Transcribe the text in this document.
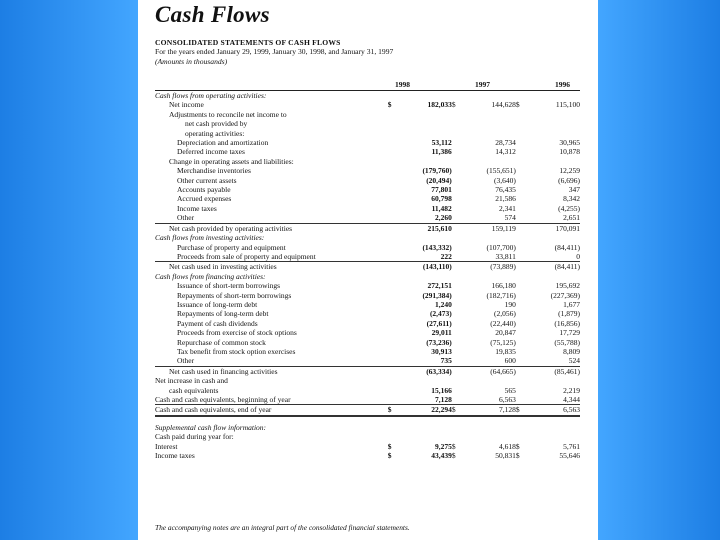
Cash Flows
CONSOLIDATED STATEMENTS OF CASH FLOWS
For the years ended January 29, 1999, January 30, 1998, and January 31, 1997
(Amounts in thousands)
1998	1997	1996
Cash flows from operating activities:			
Net income	$ 182,033	$ 144,628	$ 115,100
Adjustments to reconcile net income to			
net cash provided by			
operating activities:			
Depreciation and amortization	53,112	28,734	30,965
Deferred income taxes	11,386	14,312	10,878
Change in operating assets and liabilities:			
Merchandise inventories	(179,760)	(155,651)	12,259
Other current assets	(20,494)	(3,640)	(6,696)
Accounts payable	77,801	76,435	347
Accrued expenses	60,798	21,586	8,342
Income taxes	11,482	2,341	(4,255)
Other	2,260	574	2,651
Net cash provided by operating activities	215,610	159,119	170,091
Cash flows from investing activities:			
Purchase of property and equipment	(143,332)	(107,700)	(84,411)
Proceeds from sale of property and equipment	222	33,811	0
Net cash used in investing activities	(143,110)	(73,889)	(84,411)
Cash flows from financing activities:			
Issuance of short-term borrowings	272,151	166,180	195,692
Repayments of short-term borrowings	(291,384)	(182,716)	(227,369)
Issuance of long-term debt	1,240	190	1,677
Repayments of long-term debt	(2,473)	(2,056)	(1,879)
Payment of cash dividends	(27,611)	(22,440)	(16,856)
Proceeds from exercise of stock options	29,011	20,847	17,729
Repurchase of common stock	(73,236)	(75,125)	(55,788)
Tax benefit from stock option exercises	30,913	19,835	8,809
Other	735	600	524
Net cash used in financing activities	(63,334)	(64,665)	(85,461)
Net increase in cash and			
cash equivalents	15,166	565	2,219
Cash and cash equivalents, beginning of year	7,128	6,563	4,344
Cash and cash equivalents, end of year	$ 22,294	$ 7,128	$ 6,563

Supplemental cash flow information:			
Cash paid during year for:			
Interest	$ 9,275	$ 4,618	$ 5,761
Income taxes	$ 43,439	$ 50,831	$ 55,646
The accompanying notes are an integral part of the consolidated financial statements.
